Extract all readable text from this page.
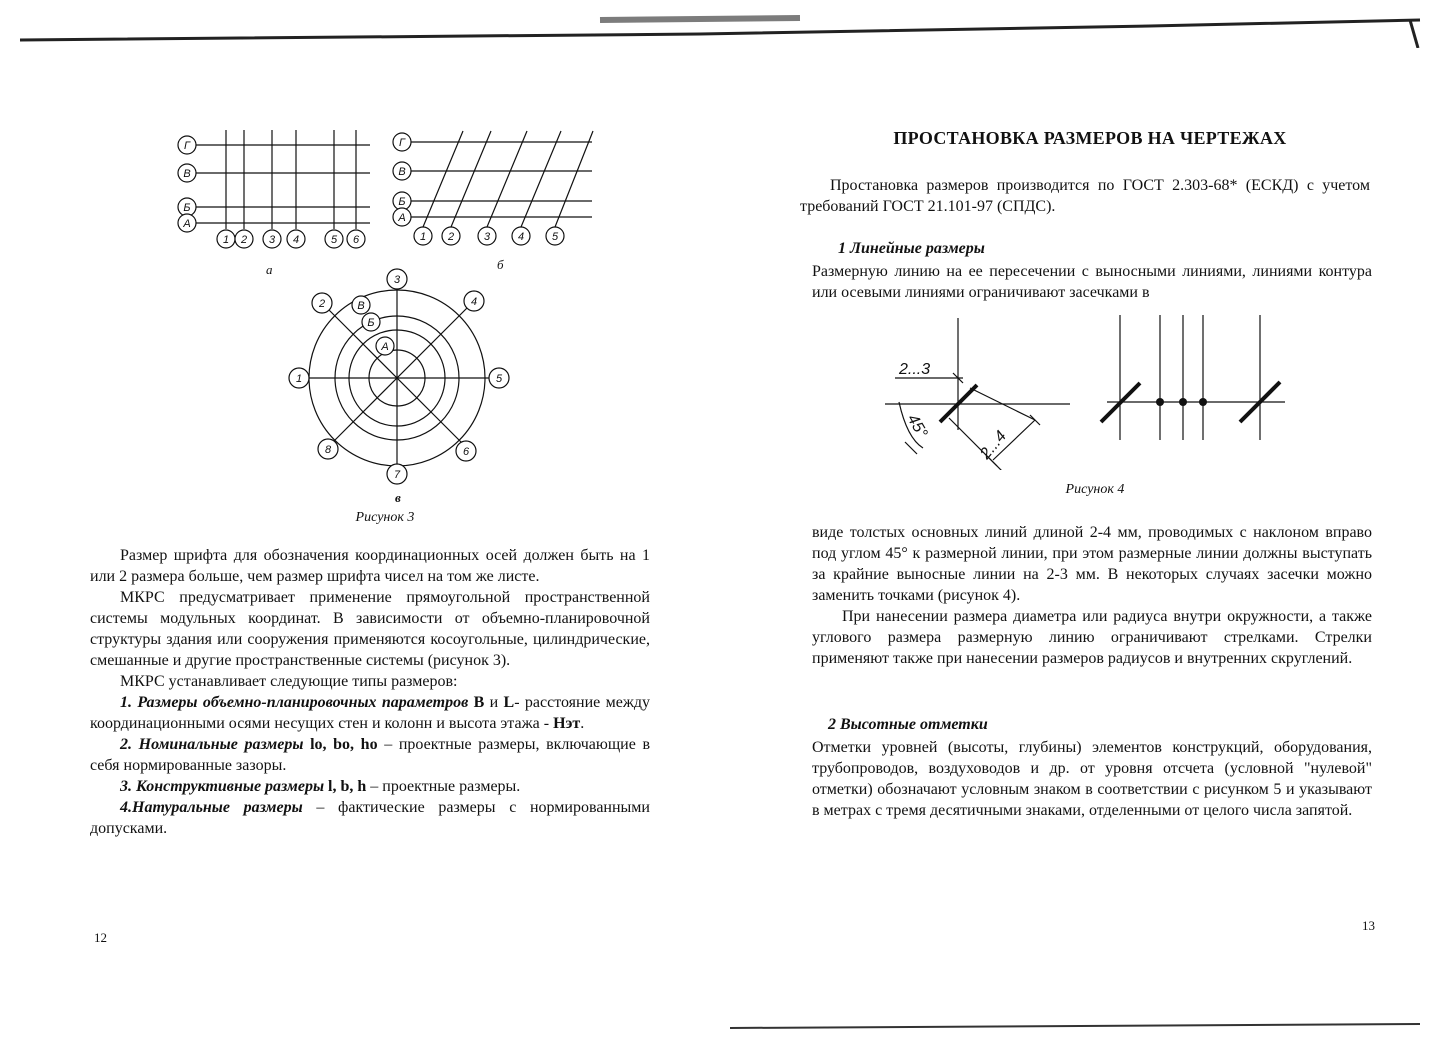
Г
В
Б
А
1 2 3 4	5 6
а
Г
В
Б
А
1 2	3	4	5
б
1
2
3
4
5
6
7
8
В
Б
А
в
Рисунок 3

Размер шрифта для обозначения координационных осей должен быть на 1 или 2 размера больше, чем размер шрифта чисел на том же листе.

МКРС предусматривает применение прямоугольной пространственной системы модульных координат. В зависимости от объемно-планировочной структуры здания или сооружения применяются косоугольные, цилиндрические, смешанные и другие пространственные системы (рисунок 3).

МКРС устанавливает следующие типы размеров:

1. Размеры объемно-планировочных параметров В и L- расстояние между координационными осями несущих стен и колонн и высота этажа - Нэт.

2. Номинальные размеры lо, bо, hо – проектные размеры, включающие в себя нормированные зазоры.

3. Конструктивные размеры l, b, h – проектные размеры.

4.Натуральные размеры – фактические размеры с нормированными допусками.

12
ПРОСТАНОВКА РАЗМЕРОВ НА ЧЕРТЕЖАХ

Простановка размеров производится по ГОСТ 2.303-68* (ЕСКД) с учетом требований ГОСТ 21.101-97 (СПДС).

1 Линейные размеры

Размерную линию на ее пересечении с выносными линиями, линиями контура или осевыми линиями ограничивают засечками в

2...3
45°
2...4
Рисунок 4

виде толстых основных линий длиной 2-4 мм, проводимых с наклоном вправо под углом 45° к размерной линии, при этом размерные линии должны выступать за крайние выносные линии на 2-3 мм. В некоторых случаях засечки можно заменить точками (рисунок 4).

При нанесении размера диаметра или радиуса внутри окружности, а также углового размера размерную линию ограничивают стрелками. Стрелки применяют также при нанесении размеров радиусов и внутренних скруглений.

2 Высотные отметки

Отметки уровней (высоты, глубины) элементов конструкций, оборудования, трубопроводов, воздуховодов и др. от уровня отсчета (условной "нулевой" отметки) обозначают условным знаком в соответствии с рисунком 5 и указывают в метрах с тремя десятичными знаками, отделенными от целого числа запятой.

13
